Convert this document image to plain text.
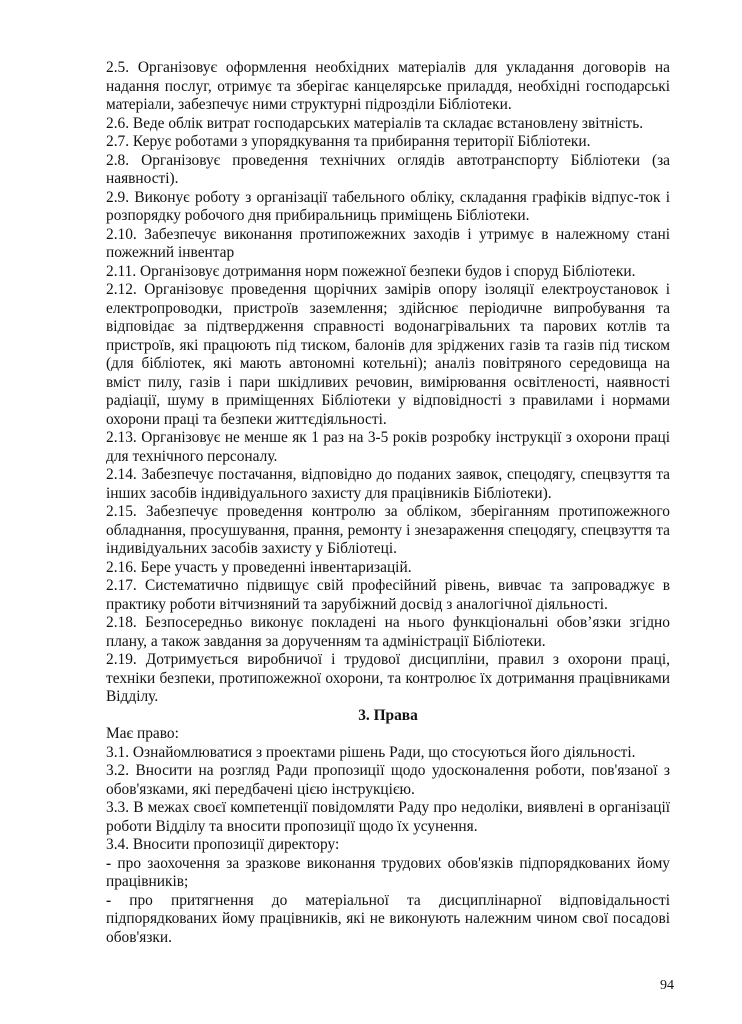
2.5. Організовує оформлення необхідних матеріалів для укладання договорів на надання послуг, отримує та зберігає канцелярське приладдя, необхідні господарські матеріали, забезпечує ними структурні підрозділи Бібліотеки.

2.6. Веде облік витрат господарських матеріалів та складає встановлену звітність.

2.7. Керує роботами з упорядкування та прибирання території Бібліотеки.

2.8. Організовує проведення технічних оглядів автотранспорту Бібліотеки (за наявності).

2.9. Виконує роботу з організації табельного обліку, складання графіків відпус-ток і розпорядку робочого дня прибиральниць приміщень Бібліотеки.

2.10. Забезпечує виконання протипожежних заходів і утримує в належному стані пожежний інвентар

2.11. Організовує дотримання норм пожежної безпеки будов і споруд Бібліотеки.

2.12. Організовує проведення щорічних замірів опору ізоляції електроустановок і електропроводки, пристроїв заземлення; здійснює періодичне випробування та відповідає за підтвердження справності водонагрівальних та парових котлів та пристроїв, які працюють під тиском, балонів для зріджених газів та газів під тиском (для бібліотек, які мають автономні котельні); аналіз повітряного середовища на вміст пилу, газів і пари шкідливих речовин, вимірювання освітленості, наявності радіації, шуму в приміщеннях Бібліотеки у відповідності з правилами і нормами охорони праці та безпеки життєдіяльності.

2.13. Організовує не менше як 1 раз на 3-5 років розробку інструкції з охорони праці для технічного персоналу.

2.14. Забезпечує постачання, відповідно до поданих заявок, спецодягу, спецвзуття та інших засобів індивідуального захисту для працівників Бібліотеки).

2.15. Забезпечує проведення контролю за обліком, зберіганням протипожежного обладнання, просушування, прання, ремонту і знезараження спецодягу, спецвзуття та індивідуальних засобів захисту у Бібліотеці.

2.16. Бере участь у проведенні інвентаризацій.

2.17. Систематично підвищує свій професійний рівень, вивчає та запроваджує в практику роботи вітчизняний та зарубіжний досвід з аналогічної діяльності.

2.18. Безпосередньо виконує покладені на нього функціональні обов’язки згідно плану, а також завдання за дорученням та адміністрації Бібліотеки.

2.19. Дотримується виробничої і трудової дисципліни, правил з охорони праці, техніки безпеки, протипожежної охорони, та контролює їх дотримання працівниками Відділу.

3. Права

Має право:

3.1. Ознайомлюватися з проектами рішень Ради, що стосуються його діяльності.

3.2. Вносити на розгляд Ради пропозиції щодо удосконалення роботи, пов'язаної з обов'язками, які передбачені цією інструкцією.

3.3. В межах своєї компетенції повідомляти Раду про недоліки, виявлені в організації роботи Відділу та вносити пропозиції щодо їх усунення.

3.4. Вносити пропозиції директору:

- про заохочення за зразкове виконання трудових обов'язків підпорядкованих йому працівників;

- про притягнення до матеріальної та дисциплінарної відповідальності підпорядкованих йому працівників, які не виконують належним чином свої посадові обов'язки.

94
